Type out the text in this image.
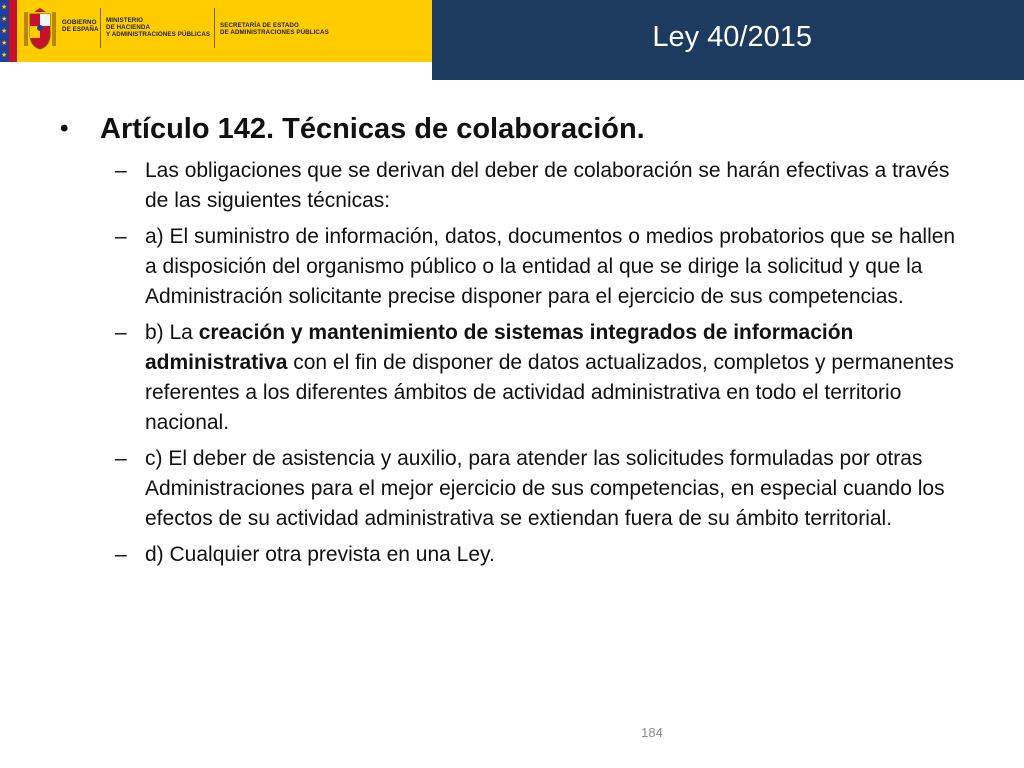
★
★
★
★
★
GOBIERNO
DE ESPAÑA
MINISTERIO
DE HACIENDA
Y ADMINISTRACIONES PÚBLICAS
SECRETARÍA DE ESTADO
DE ADMINISTRACIONES PÚBLICAS	Ley 40/2015
• Artículo 142. Técnicas de colaboración.
– Las obligaciones que se derivan del deber de colaboración se harán efectivas a través de las siguientes técnicas:
– a) El suministro de información, datos, documentos o medios probatorios que se hallen a disposición del organismo público o la entidad al que se dirige la solicitud y que la Administración solicitante precise disponer para el ejercicio de sus competencias.
– b) La creación y mantenimiento de sistemas integrados de información administrativa con el fin de disponer de datos actualizados, completos y permanentes referentes a los diferentes ámbitos de actividad administrativa en todo el territorio nacional.
– c) El deber de asistencia y auxilio, para atender las solicitudes formuladas por otras Administraciones para el mejor ejercicio de sus competencias, en especial cuando los efectos de su actividad administrativa se extiendan fuera de su ámbito territorial.
– d) Cualquier otra prevista en una Ley.
184
